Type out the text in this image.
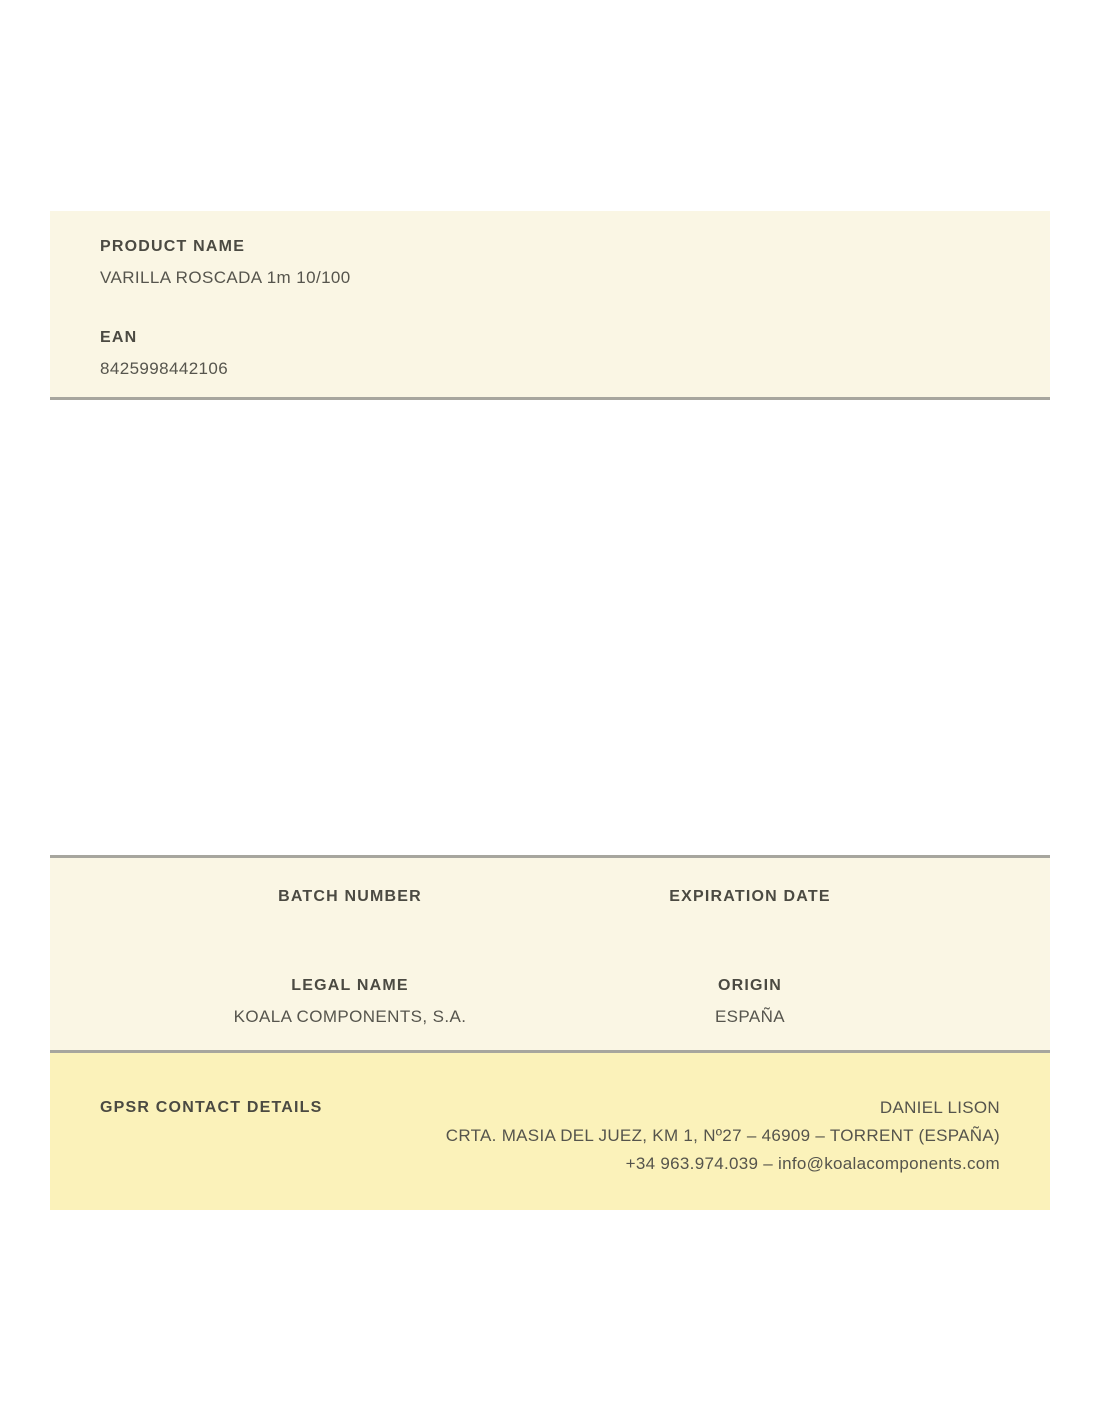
PRODUCT NAME
VARILLA ROSCADA 1m 10/100
EAN
8425998442106
BATCH NUMBER	EXPIRATION DATE
LEGAL NAME
KOALA COMPONENTS, S.A.
ORIGIN
ESPAÑA
GPSR CONTACT DETAILS	DANIEL LISON
CRTA. MASIA DEL JUEZ, KM 1, Nº27 – 46909 – TORRENT (ESPAÑA)
+34 963.974.039 – info@koalacomponents.com
